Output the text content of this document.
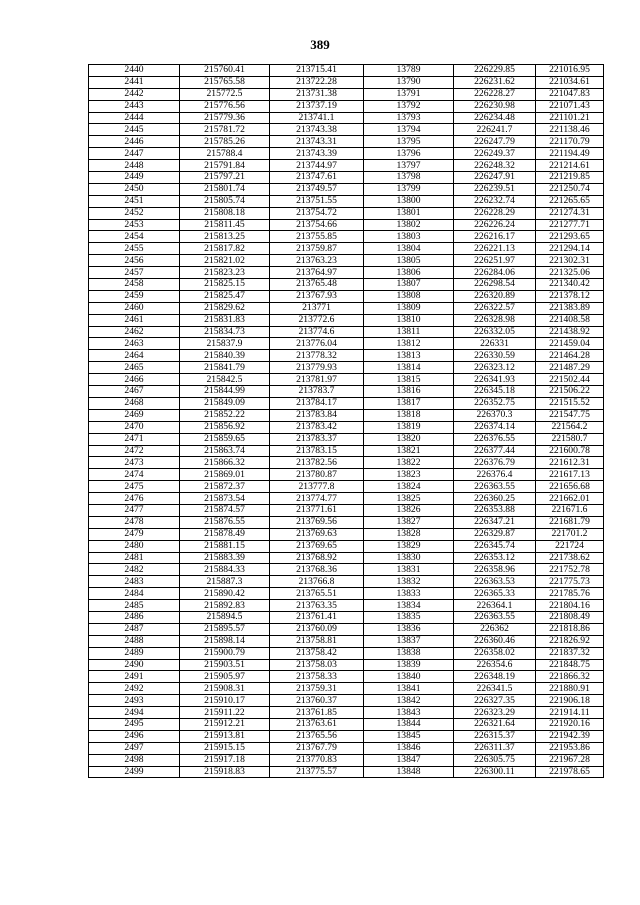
389
2440	215760.41	213715.41	13789	226229.85	221016.95
2441	215765.58	213722.28	13790	226231.62	221034.61
2442	215772.5	213731.38	13791	226228.27	221047.83
2443	215776.56	213737.19	13792	226230.98	221071.43
2444	215779.36	213741.1	13793	226234.48	221101.21
2445	215781.72	213743.38	13794	226241.7	221138.46
2446	215785.26	213743.31	13795	226247.79	221170.79
2447	215788.4	213743.39	13796	226249.37	221194.49
2448	215791.84	213744.97	13797	226248.32	221214.61
2449	215797.21	213747.61	13798	226247.91	221219.85
2450	215801.74	213749.57	13799	226239.51	221250.74
2451	215805.74	213751.55	13800	226232.74	221265.65
2452	215808.18	213754.72	13801	226228.29	221274.31
2453	215811.45	213754.66	13802	226226.24	221277.71
2454	215813.25	213755.85	13803	226216.17	221293.65
2455	215817.82	213759.87	13804	226221.13	221294.14
2456	215821.02	213763.23	13805	226251.97	221302.31
2457	215823.23	213764.97	13806	226284.06	221325.06
2458	215825.15	213765.48	13807	226298.54	221340.42
2459	215825.47	213767.93	13808	226320.89	221378.12
2460	215829.62	213771	13809	226322.57	221383.89
2461	215831.83	213772.6	13810	226328.98	221408.58
2462	215834.73	213774.6	13811	226332.05	221438.92
2463	215837.9	213776.04	13812	226331	221459.04
2464	215840.39	213778.32	13813	226330.59	221464.28
2465	215841.79	213779.93	13814	226323.12	221487.29
2466	215842.5	213781.97	13815	226341.93	221502.44
2467	215844.99	213783.7	13816	226345.18	221506.22
2468	215849.09	213784.17	13817	226352.75	221515.52
2469	215852.22	213783.84	13818	226370.3	221547.75
2470	215856.92	213783.42	13819	226374.14	221564.2
2471	215859.65	213783.37	13820	226376.55	221580.7
2472	215863.74	213783.15	13821	226377.44	221600.78
2473	215866.32	213782.56	13822	226376.79	221612.31
2474	215869.01	213780.87	13823	226376.4	221617.13
2475	215872.37	213777.8	13824	226363.55	221656.68
2476	215873.54	213774.77	13825	226360.25	221662.01
2477	215874.57	213771.61	13826	226353.88	221671.6
2478	215876.55	213769.56	13827	226347.21	221681.79
2479	215878.49	213769.63	13828	226329.87	221701.2
2480	215881.15	213769.65	13829	226345.74	221724
2481	215883.39	213768.92	13830	226353.12	221738.62
2482	215884.33	213768.36	13831	226358.96	221752.78
2483	215887.3	213766.8	13832	226363.53	221775.73
2484	215890.42	213765.51	13833	226365.33	221785.76
2485	215892.83	213763.35	13834	226364.1	221804.16
2486	215894.5	213761.41	13835	226363.55	221808.49
2487	215895.57	213760.09	13836	226362	221818.86
2488	215898.14	213758.81	13837	226360.46	221826.92
2489	215900.79	213758.42	13838	226358.02	221837.32
2490	215903.51	213758.03	13839	226354.6	221848.75
2491	215905.97	213758.33	13840	226348.19	221866.32
2492	215908.31	213759.31	13841	226341.5	221880.91
2493	215910.17	213760.37	13842	226327.35	221906.18
2494	215911.22	213761.85	13843	226323.29	221914.11
2495	215912.21	213763.61	13844	226321.64	221920.16
2496	215913.81	213765.56	13845	226315.37	221942.39
2497	215915.15	213767.79	13846	226311.37	221953.86
2498	215917.18	213770.83	13847	226305.75	221967.28
2499	215918.83	213775.57	13848	226300.11	221978.65
